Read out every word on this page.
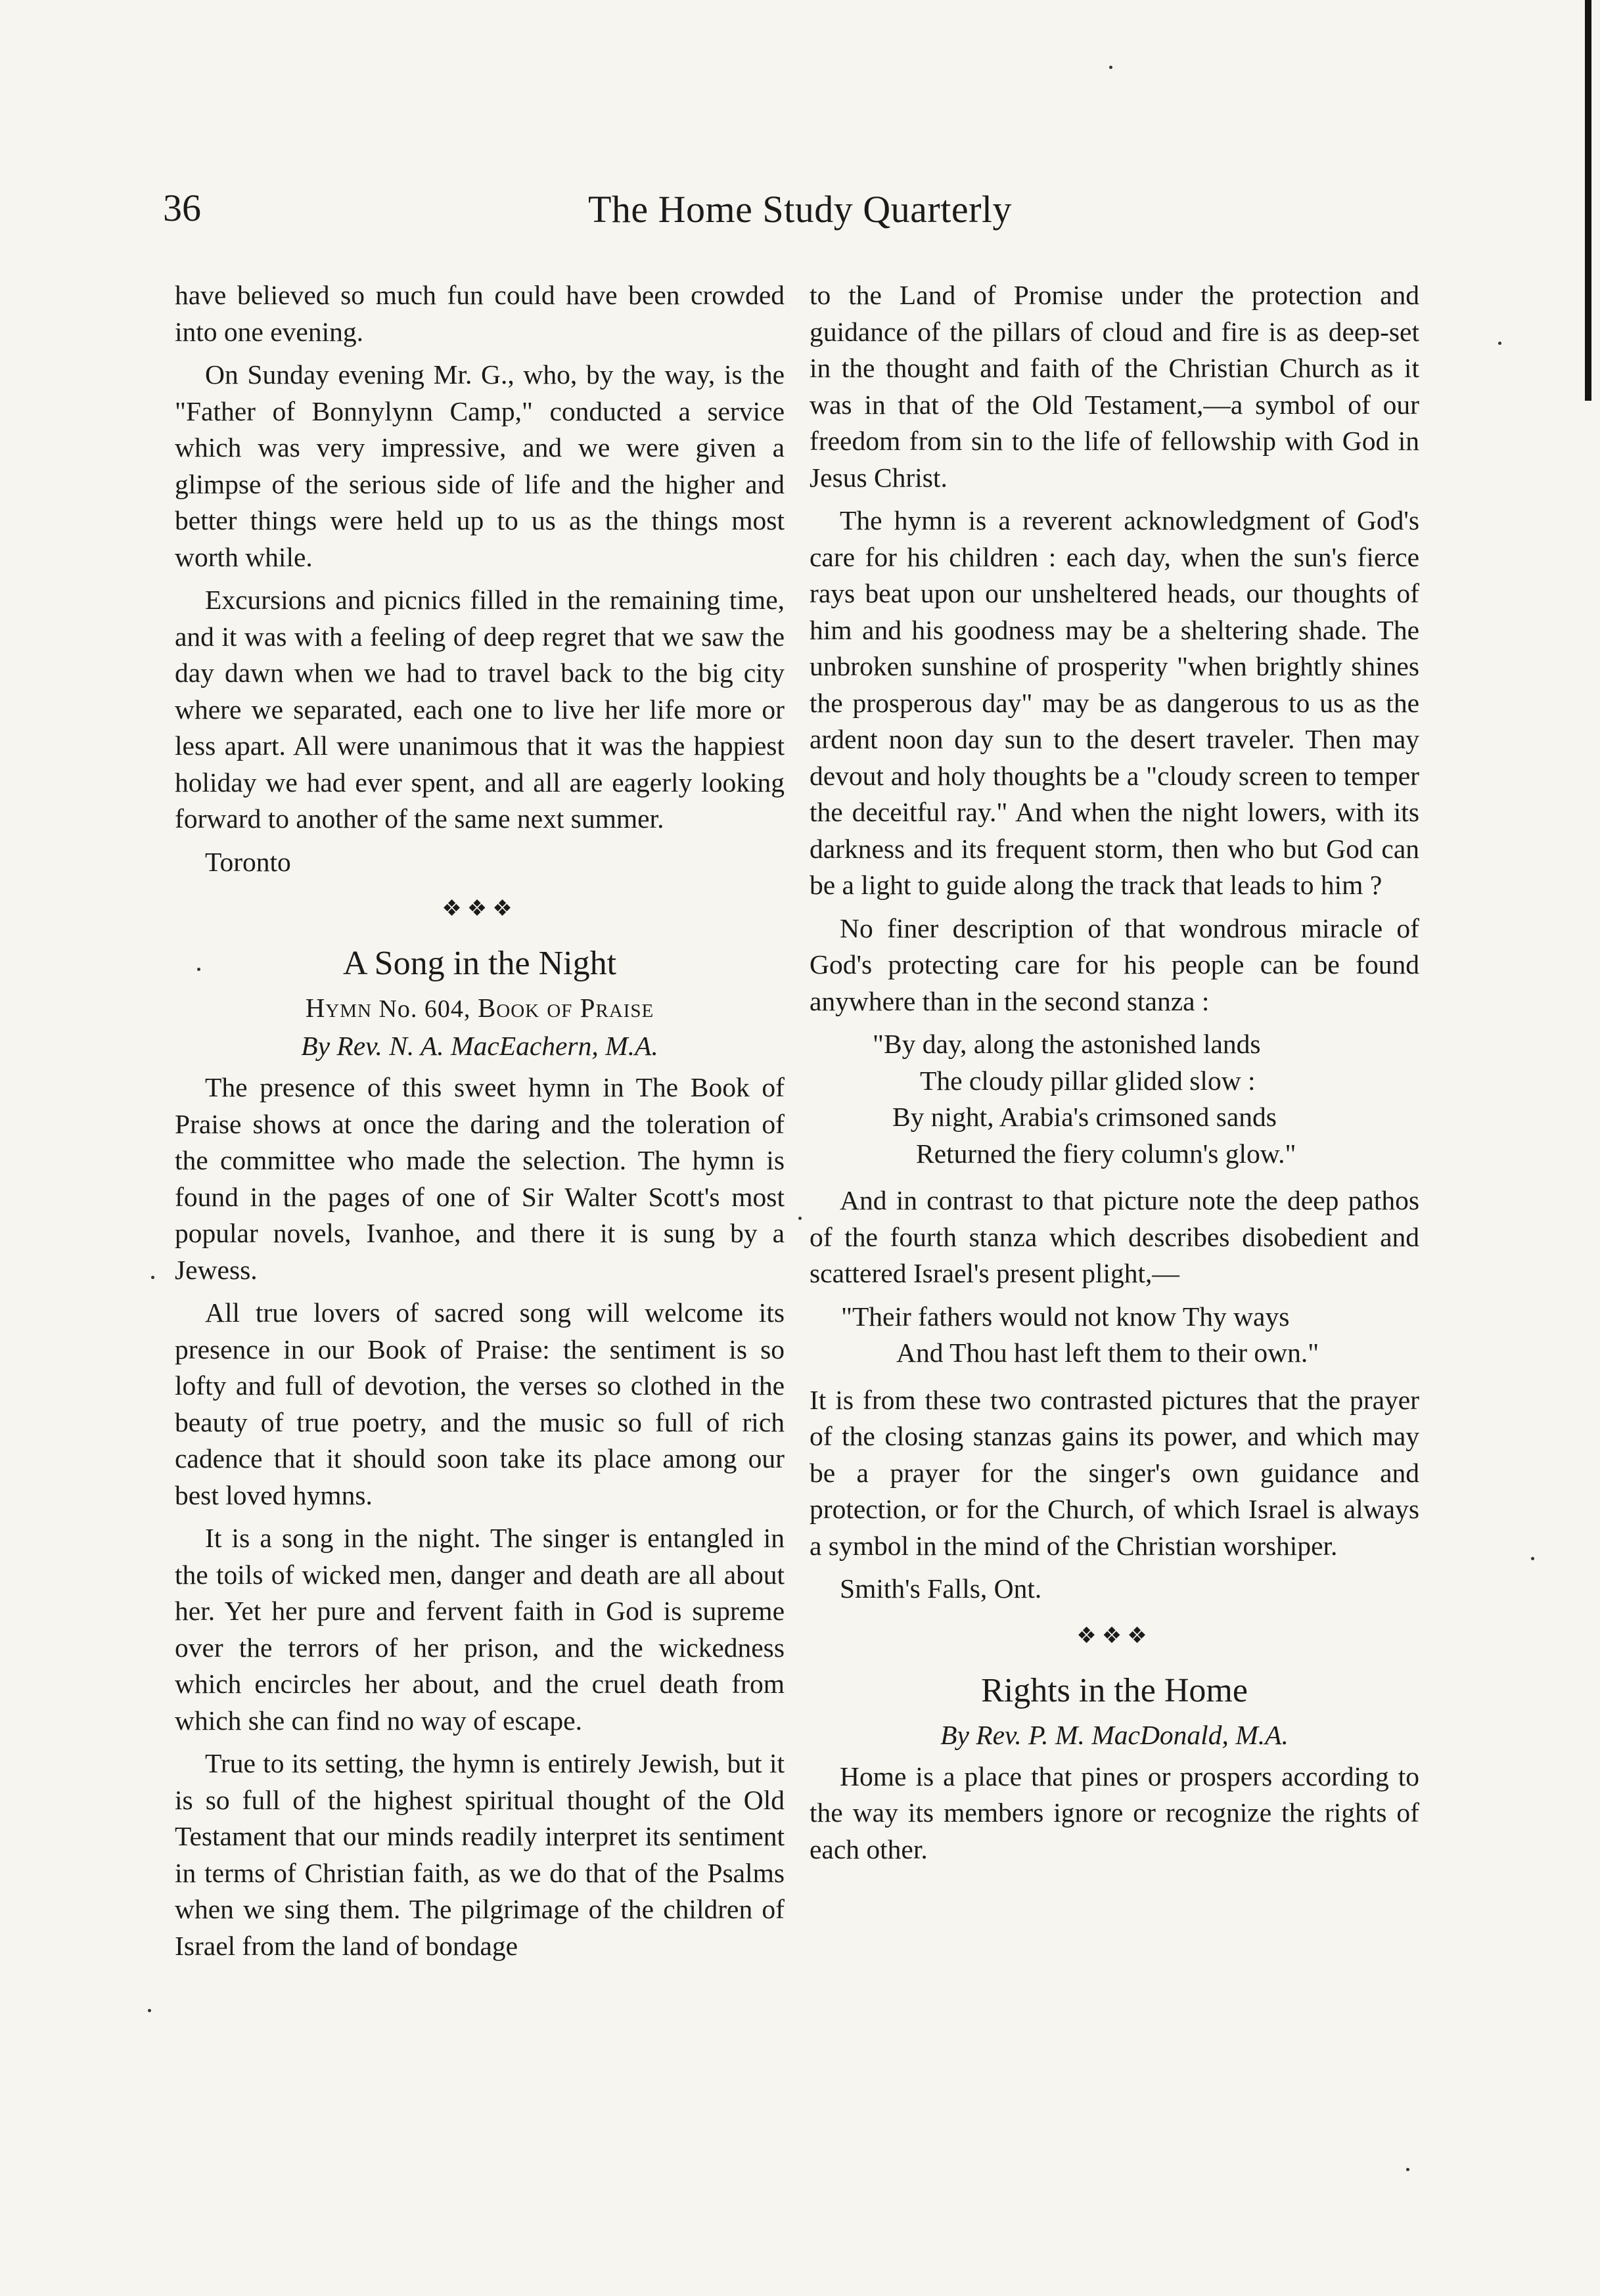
36	The Home Study Quarterly

have believed so much fun could have been crowded into one evening.

On Sunday evening Mr. G., who, by the way, is the "Father of Bonnylynn Camp," conducted a service which was very impressive, and we were given a glimpse of the serious side of life and the higher and better things were held up to us as the things most worth while.

Excursions and picnics filled in the remaining time, and it was with a feeling of deep regret that we saw the day dawn when we had to travel back to the big city where we separated, each one to live her life more or less apart. All were unanimous that it was the happiest holiday we had ever spent, and all are eagerly looking forward to another of the same next summer.

Toronto
❖❖❖
A Song in the Night
Hymn No. 604, Book of Praise
By Rev. N. A. MacEachern, M.A.

The presence of this sweet hymn in The Book of Praise shows at once the daring and the toleration of the committee who made the selection. The hymn is found in the pages of one of Sir Walter Scott's most popular novels, Ivanhoe, and there it is sung by a Jewess.

All true lovers of sacred song will welcome its presence in our Book of Praise: the sentiment is so lofty and full of devotion, the verses so clothed in the beauty of true poetry, and the music so full of rich cadence that it should soon take its place among our best loved hymns.

It is a song in the night. The singer is entangled in the toils of wicked men, danger and death are all about her. Yet her pure and fervent faith in God is supreme over the terrors of her prison, and the wickedness which encircles her about, and the cruel death from which she can find no way of escape.

True to its setting, the hymn is entirely Jewish, but it is so full of the highest spiritual thought of the Old Testament that our minds readily interpret its sentiment in terms of Christian faith, as we do that of the Psalms when we sing them. The pilgrimage of the children of Israel from the land of bondage

to the Land of Promise under the protection and guidance of the pillars of cloud and fire is as deep-set in the thought and faith of the Christian Church as it was in that of the Old Testament,—a symbol of our freedom from sin to the life of fellowship with God in Jesus Christ.

The hymn is a reverent acknowledgment of God's care for his children : each day, when the sun's fierce rays beat upon our unsheltered heads, our thoughts of him and his goodness may be a sheltering shade. The unbroken sunshine of prosperity "when brightly shines the prosperous day" may be as dangerous to us as the ardent noon day sun to the desert traveler. Then may devout and holy thoughts be a "cloudy screen to temper the deceitful ray." And when the night lowers, with its darkness and its frequent storm, then who but God can be a light to guide along the track that leads to him ?

No finer description of that wondrous miracle of God's protecting care for his people can be found anywhere than in the second stanza :

"By day, along the astonished lands
The cloudy pillar glided slow :
By night, Arabia's crimsoned sands
Returned the fiery column's glow."

And in contrast to that picture note the deep pathos of the fourth stanza which describes disobedient and scattered Israel's present plight,—

"Their fathers would not know Thy ways
And Thou hast left them to their own."

It is from these two contrasted pictures that the prayer of the closing stanzas gains its power, and which may be a prayer for the singer's own guidance and protection, or for the Church, of which Israel is always a symbol in the mind of the Christian worshiper.

Smith's Falls, Ont.
❖❖❖
Rights in the Home
By Rev. P. M. MacDonald, M.A.

Home is a place that pines or prospers according to the way its members ignore or recognize the rights of each other.
